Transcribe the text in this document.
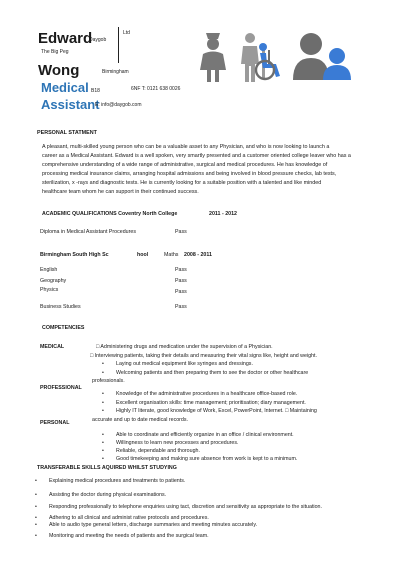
Edward
Daygob
Ltd
The Big Peg
Wong	Birmingham
Medical B18	6NF T: 0121 638 0026
Assistant
E: info@daygob.com
PERSONAL STATMENT
A pleasant, multi-skilled young person who can be a valuable asset to any Physician, and who is now looking to launch a
career as a Medical Assistant. Edward is a well spoken, very smartly presented and a customer oriented college leaver who has a
comprehensive understanding of a wide range of administrative, surgical and medical procedures. He has knowledge of
processing medical insurance claims, arranging hospital admissions and being involved in blood pressure checks, lab tests,
sterilization, x -rays and diagnostic tests. He is currently looking for a suitable position with a talented and like minded
healthcare team whom he can support in their continued success.
ACADEMIC QUALIFICATIONS Coventry North College	2011 - 2012
Diploma in Medical Assistant Procedures	Pass
Birmingham South High Sc	hool	Maths 2008 - 2011
English	Pass
Geography	Pass
Physics	Pass
Business Studies	Pass
COMPETENCIES
MEDICAL	□ Administering drugs and medication under the supervision of a Physician.
□ Interviewing patients, taking their details and measuring their vital signs like, height and weight.
• Laying out medical equipment like syringes and dressings.
• Welcoming patients and then preparing them to see the doctor or other healthcare
professionals.
PROFESSIONAL
• Knowledge of the administrative procedures in a healthcare office-based role.
• Excellent organisation skills: time management; prioritisation; diary management.
• Highly IT literate, good knowledge of Work, Excel, PowerPoint, Internet. □ Maintaining
accurate and up to date medical records.
PERSONAL
• Able to coordinate and efficiently organize in an office / clinical environment.
• Willingness to learn new processes and procedures.
• Reliable, dependable and thorough.
• Good timekeeping and making sure absence from work is kept to a minimum.
TRANSFERABLE SKILLS AQUIRED WHILST STUDYING
• Explaining medical procedures and treatments to patients.
• Assisting the doctor during physical examinations.
• Responding professionally to telephone enquiries using tact, discretion and sensitivity as appropriate to the situation.
• Adhering to all clinical and administ rative protocols and procedures.
• Able to audio type general letters, discharge summaries and meeting minutes accurately.
• Monitoring and meeting the needs of patients and the surgical team.
